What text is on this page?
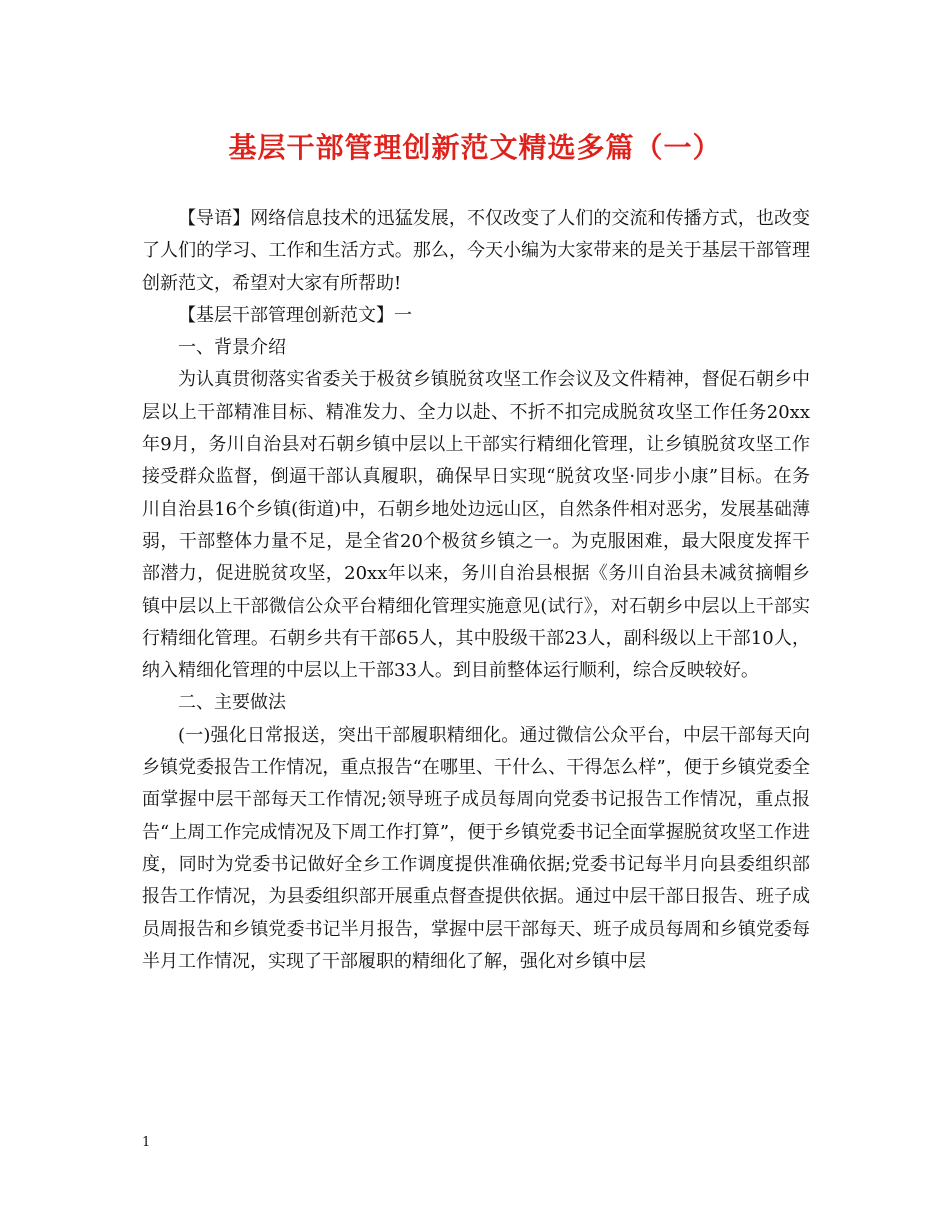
基层干部管理创新范文精选多篇（一）

【导语】网络信息技术的迅猛发展，不仅改变了人们的交流和传播方式，也改变了人们的学习、工作和生活方式。那么，今天小编为大家带来的是关于基层干部管理创新范文，希望对大家有所帮助!

【基层干部管理创新范文】一

一、背景介绍

为认真贯彻落实省委关于极贫乡镇脱贫攻坚工作会议及文件精神，督促石朝乡中层以上干部精准目标、精准发力、全力以赴、不折不扣完成脱贫攻坚工作任务20xx年9月，务川自治县对石朝乡镇中层以上干部实行精细化管理，让乡镇脱贫攻坚工作接受群众监督，倒逼干部认真履职，确保早日实现“脱贫攻坚·同步小康”目标。在务川自治县16个乡镇(街道)中，石朝乡地处边远山区，自然条件相对恶劣，发展基础薄弱，干部整体力量不足，是全省20个极贫乡镇之一。为克服困难，最大限度发挥干部潜力，促进脱贫攻坚，20xx年以来，务川自治县根据《务川自治县未减贫摘帽乡镇中层以上干部微信公众平台精细化管理实施意见(试行》，对石朝乡中层以上干部实行精细化管理。石朝乡共有干部65人，其中股级干部23人，副科级以上干部10人，纳入精细化管理的中层以上干部33人。到目前整体运行顺利，综合反映较好。

二、主要做法

(一)强化日常报送，突出干部履职精细化。通过微信公众平台，中层干部每天向乡镇党委报告工作情况，重点报告“在哪里、干什么、干得怎么样”，便于乡镇党委全面掌握中层干部每天工作情况;领导班子成员每周向党委书记报告工作情况，重点报告“上周工作完成情况及下周工作打算”，便于乡镇党委书记全面掌握脱贫攻坚工作进度，同时为党委书记做好全乡工作调度提供准确依据;党委书记每半月向县委组织部报告工作情况，为县委组织部开展重点督查提供依据。通过中层干部日报告、班子成员周报告和乡镇党委书记半月报告，掌握中层干部每天、班子成员每周和乡镇党委每半月工作情况，实现了干部履职的精细化了解，强化对乡镇中层

1
